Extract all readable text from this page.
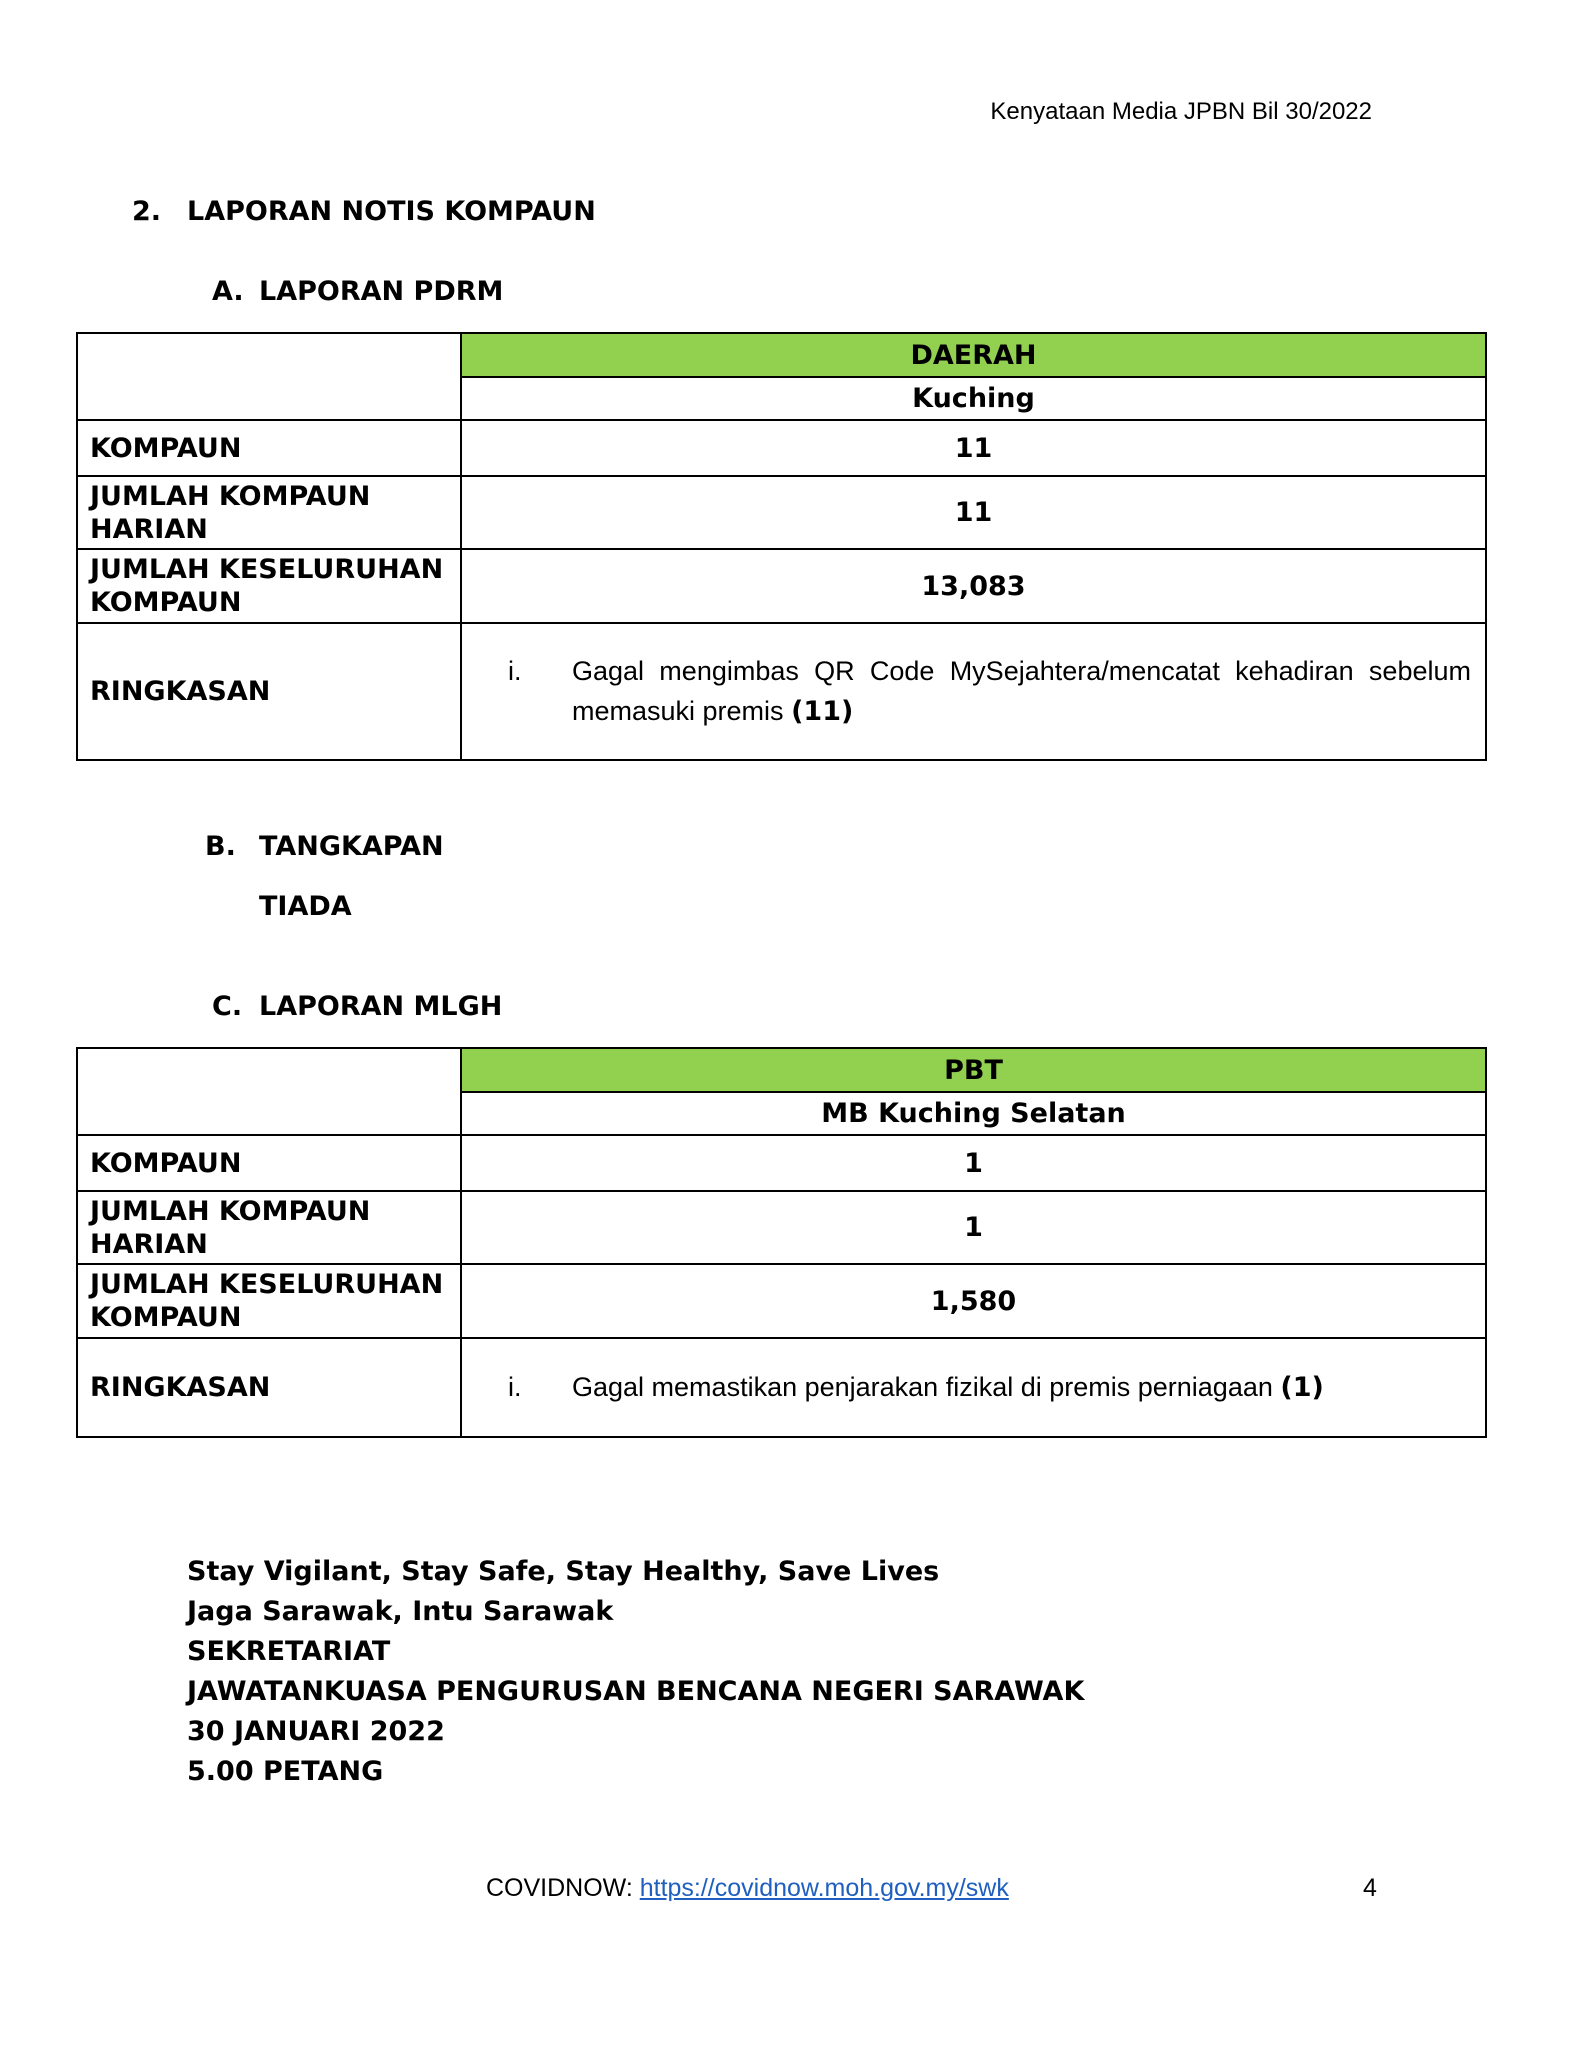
Kenyataan Media JPBN Bil 30/2022
2. LAPORAN NOTIS KOMPAUN
A. LAPORAN PDRM
	DAERAH
	Kuching
KOMPAUN	11
JUMLAH KOMPAUN HARIAN	11
JUMLAH KESELURUHAN KOMPAUN	13,083
RINGKASAN	i. Gagal mengimbas QR Code MySejahtera/mencatat kehadiran sebelum memasuki premis (11)
B. TANGKAPAN
TIADA
C. LAPORAN MLGH
	PBT
	MB Kuching Selatan
KOMPAUN	1
JUMLAH KOMPAUN HARIAN	1
JUMLAH KESELURUHAN KOMPAUN	1,580
RINGKASAN	i. Gagal memastikan penjarakan fizikal di premis perniagaan (1)
Stay Vigilant, Stay Safe, Stay Healthy, Save Lives
Jaga Sarawak, Intu Sarawak
SEKRETARIAT
JAWATANKUASA PENGURUSAN BENCANA NEGERI SARAWAK
30 JANUARI 2022
5.00 PETANG
COVIDNOW: https://covidnow.moh.gov.my/swk	4
